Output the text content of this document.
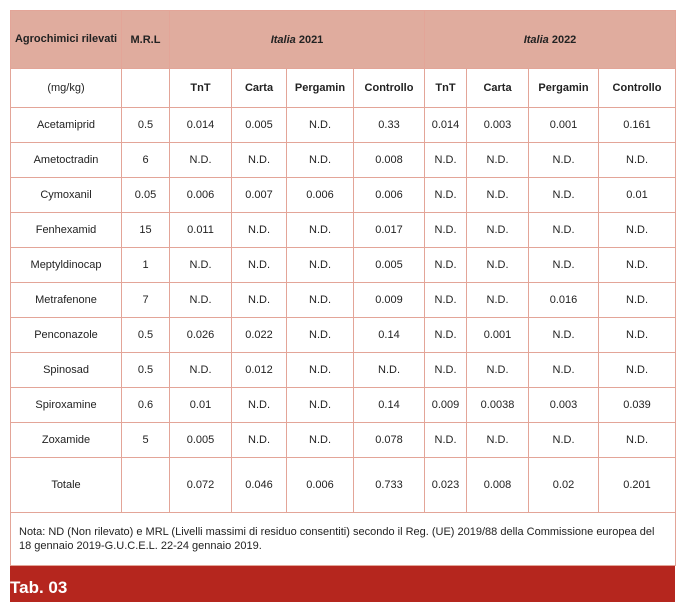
Agrochimici rilevati	M.R.L	Italia 2021				Italia 2022			
(mg/kg)		TnT	Carta	Pergamin	Controllo	TnT	Carta	Pergamin	Controllo
Acetamiprid	0.5	0.014	0.005	N.D.	0.33	0.014	0.003	0.001	0.161
Ametoctradin	6	N.D.	N.D.	N.D.	0.008	N.D.	N.D.	N.D.	N.D.
Cymoxanil	0.05	0.006	0.007	0.006	0.006	N.D.	N.D.	N.D.	0.01
Fenhexamid	15	0.011	N.D.	N.D.	0.017	N.D.	N.D.	N.D.	N.D.
Meptyldinocap	1	N.D.	N.D.	N.D.	0.005	N.D.	N.D.	N.D.	N.D.
Metrafenone	7	N.D.	N.D.	N.D.	0.009	N.D.	N.D.	0.016	N.D.
Penconazole	0.5	0.026	0.022	N.D.	0.14	N.D.	0.001	N.D.	N.D.
Spinosad	0.5	N.D.	0.012	N.D.	N.D.	N.D.	N.D.	N.D.	N.D.
Spiroxamine	0.6	0.01	N.D.	N.D.	0.14	0.009	0.0038	0.003	0.039
Zoxamide	5	0.005	N.D.	N.D.	0.078	N.D.	N.D.	N.D.	N.D.
Totale		0.072	0.046	0.006	0.733	0.023	0.008	0.02	0.201
Nota: ND (Non rilevato) e MRL (Livelli massimi di residuo consentiti) secondo il Reg. (UE) 2019/88 della Commissione europea del 18 gennaio 2019-G.U.C.E.L. 22-24 gennaio 2019.									
Tab. 03
